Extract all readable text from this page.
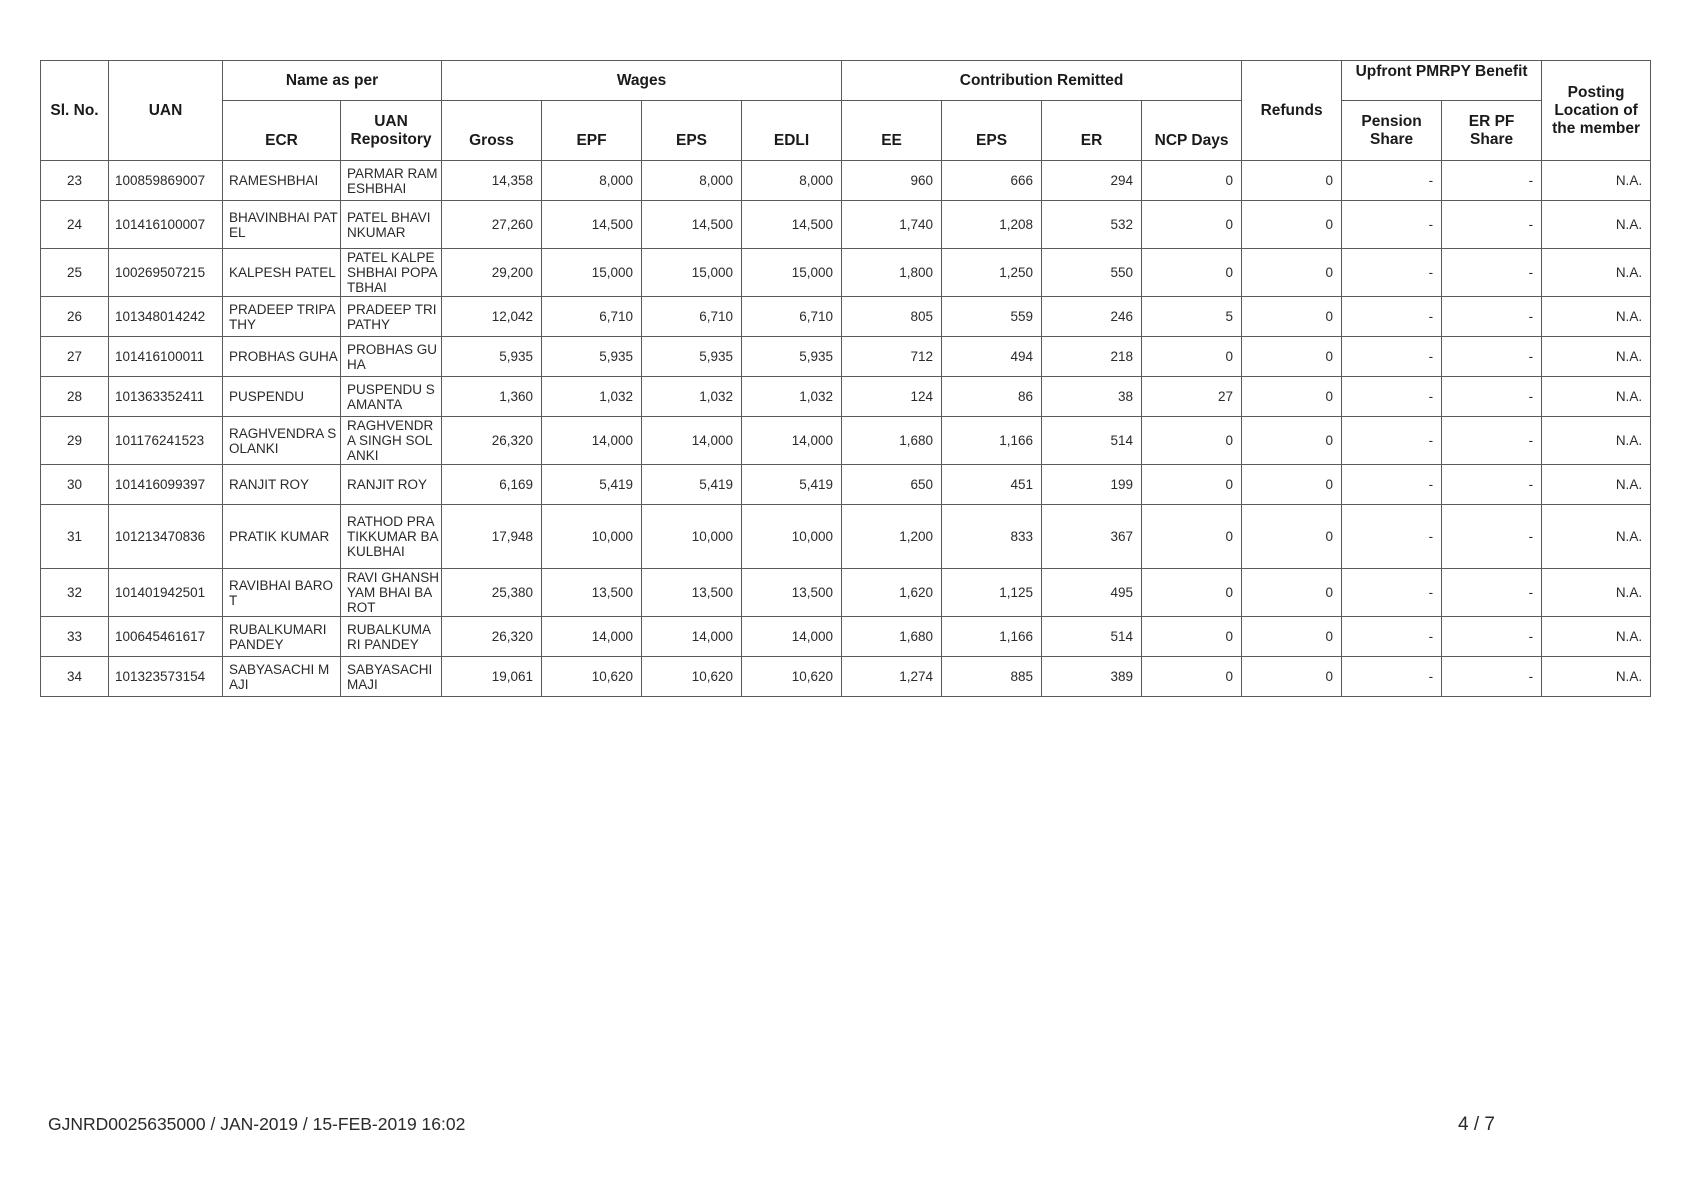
Sl. No.	UAN	Name as per		Wages				Contribution Remitted				Refunds	Upfront PMRPY Benefit		Posting Location of the member
		ECR	UAN Repository	Gross	EPF	EPS	EDLI	EE	EPS	ER	NCP Days		Pension Share	ER PF Share	
23	100859869007	RAMESHBHAI	PARMAR RAMESHBHAI	14,358	8,000	8,000	8,000	960	666	294	0	0	-	-	N.A.
24	101416100007	BHAVINBHAI PATEL	PATEL BHAVINKUMAR	27,260	14,500	14,500	14,500	1,740	1,208	532	0	0	-	-	N.A.
25	100269507215	KALPESH PATEL	PATEL KALPESHBHAI POPATBHAI	29,200	15,000	15,000	15,000	1,800	1,250	550	0	0	-	-	N.A.
26	101348014242	PRADEEP TRIPATHY	PRADEEP TRIPATHY	12,042	6,710	6,710	6,710	805	559	246	5	0	-	-	N.A.
27	101416100011	PROBHAS GUHA	PROBHAS GUHA	5,935	5,935	5,935	5,935	712	494	218	0	0	-	-	N.A.
28	101363352411	PUSPENDU	PUSPENDU SAMANTA	1,360	1,032	1,032	1,032	124	86	38	27	0	-	-	N.A.
29	101176241523	RAGHVENDRA SOLANKI	RAGHVENDRA SINGH SOLANKI	26,320	14,000	14,000	14,000	1,680	1,166	514	0	0	-	-	N.A.
30	101416099397	RANJIT ROY	RANJIT ROY	6,169	5,419	5,419	5,419	650	451	199	0	0	-	-	N.A.
31	101213470836	PRATIK KUMAR	RATHOD PRATIKKUMAR BAKULBHAI	17,948	10,000	10,000	10,000	1,200	833	367	0	0	-	-	N.A.
32	101401942501	RAVIBHAI BAROT	RAVI GHANSHYAM BHAI BAROT	25,380	13,500	13,500	13,500	1,620	1,125	495	0	0	-	-	N.A.
33	100645461617	RUBALKUMARI PANDEY	RUBALKUMARI PANDEY	26,320	14,000	14,000	14,000	1,680	1,166	514	0	0	-	-	N.A.
34	101323573154	SABYASACHI MAJI	SABYASACHI MAJI	19,061	10,620	10,620	10,620	1,274	885	389	0	0	-	-	N.A.
GJNRD0025635000 / JAN-2019 / 15-FEB-2019 16:02	4 / 7
